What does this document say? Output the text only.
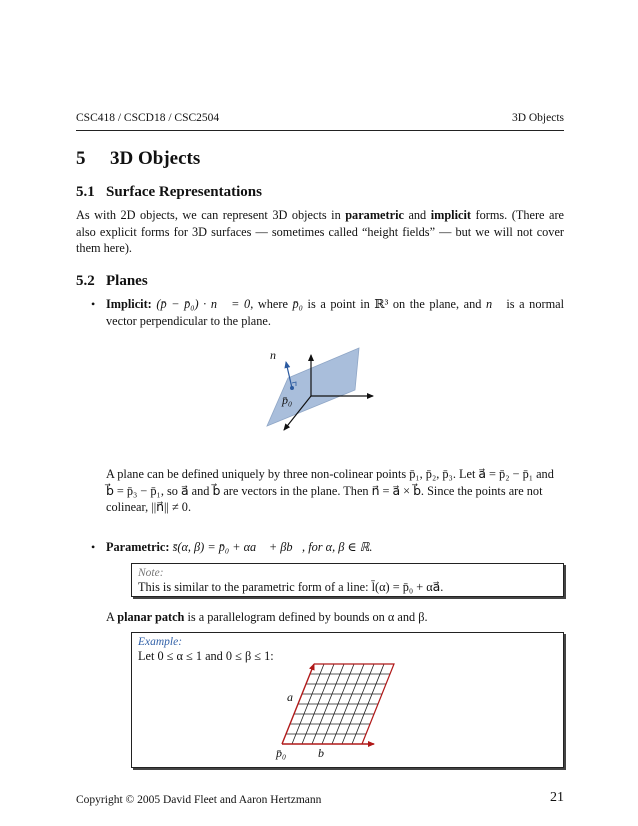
CSC418 / CSCD18 / CSC2504	3D Objects
5 3D Objects
5.1 Surface Representations

As with 2D objects, we can represent 3D objects in parametric and implicit forms. (There are also explicit forms for 3D surfaces — sometimes called “height fields” — but we will not cover them here).

5.2 Planes
• Implicit: (p̄ − p̄₀) · n⃗ = 0, where p̄₀ is a point in ℝ³ on the plane, and n⃗ is a normal vector perpendicular to the plane.

n⃗
p̄₀

A plane can be defined uniquely by three non-colinear points p̄₁, p̄₂, p̄₃. Let a⃗ = p̄₂ − p̄₁ and

b⃗ = p̄₃ − p̄₁, so a⃗ and b⃗ are vectors in the plane. Then n⃗ = a⃗ × b⃗. Since the points are not

colinear, ||n⃗|| ≠ 0.

• Parametric: s̄(α, β) = p̄₀ + αa⃗ + βb⃗, for α, β ∈ ℝ.

Note:
This is similar to the parametric form of a line: l̄(α) = p̄₀ + αa⃗.

A planar patch is a parallelogram defined by bounds on α and β.

Example:
Let 0 ≤ α ≤ 1 and 0 ≤ β ≤ 1:
a⃗
p̄₀	b⃗
Copyright © 2005 David Fleet and Aaron Hertzmann	21
